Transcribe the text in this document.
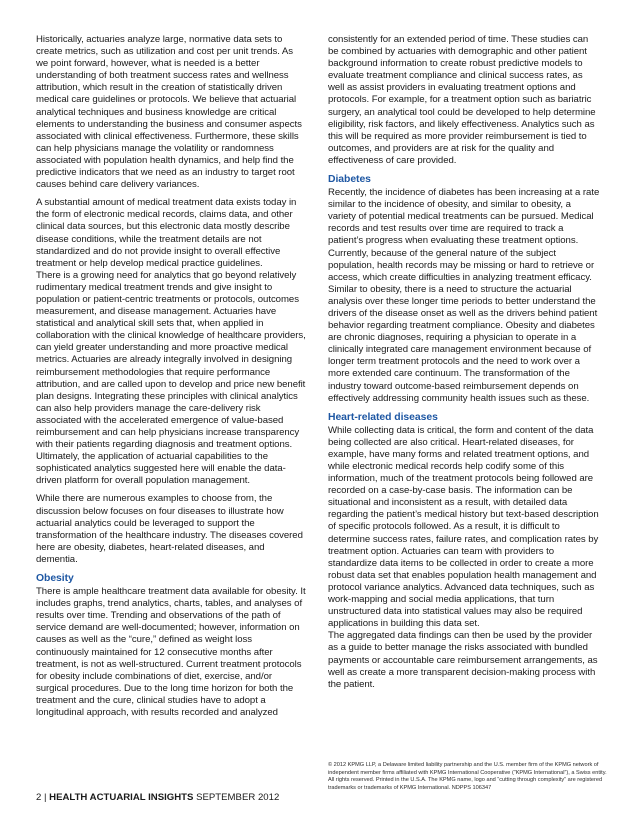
Historically, actuaries analyze large, normative data sets to create metrics, such as utilization and cost per unit trends. As we point forward, however, what is needed is a better understanding of both treatment success rates and wellness attribution, which result in the creation of statistically driven medical care guidelines or protocols. We believe that actuarial analytical techniques and business knowledge are critical elements to understanding the business and consumer aspects associated with clinical effectiveness. Furthermore, these skills can help physicians manage the volatility or randomness associated with population health dynamics, and help find the predictive indicators that we need as an industry to target root causes behind care delivery variances.

A substantial amount of medical treatment data exists today in the form of electronic medical records, claims data, and other clinical data sources, but this electronic data mostly describe disease conditions, while the treatment details are not standardized and do not provide insight to overall effective treatment or help develop medical practice guidelines.

There is a growing need for analytics that go beyond relatively rudimentary medical treatment trends and give insight to population or patient-centric treatments or protocols, outcomes measurement, and disease management. Actuaries have statistical and analytical skill sets that, when applied in collaboration with the clinical knowledge of healthcare providers, can yield greater understanding and more proactive medical metrics. Actuaries are already integrally involved in designing reimbursement methodologies that require performance attribution, and are called upon to develop and price new benefit plan designs. Integrating these principles with clinical analytics can also help providers manage the care-delivery risk associated with the accelerated emergence of value-based reimbursement and can help physicians increase transparency with their patients regarding diagnosis and treatment options. Ultimately, the application of actuarial capabilities to the sophisticated analytics suggested here will enable the data-driven platform for overall population management.

While there are numerous examples to choose from, the discussion below focuses on four diseases to illustrate how actuarial analytics could be leveraged to support the transformation of the healthcare industry. The diseases covered here are obesity, diabetes, heart-related diseases, and dementia.

Obesity

There is ample healthcare treatment data available for obesity. It includes graphs, trend analytics, charts, tables, and analyses of results over time. Trending and observations of the path of service demand are well-documented; however, information on causes as well as the “cure,” defined as weight loss continuously maintained for 12 consecutive months after treatment, is not as well-structured. Current treatment protocols for obesity include combinations of diet, exercise, and/or surgical procedures. Due to the long time horizon for both the treatment and the cure, clinical studies have to adopt a longitudinal approach, with results recorded and analyzed

consistently for an extended period of time. These studies can be combined by actuaries with demographic and other patient background information to create robust predictive models to evaluate treatment compliance and clinical success rates, as well as assist providers in evaluating treatment options and protocols. For example, for a treatment option such as bariatric surgery, an analytical tool could be developed to help determine eligibility, risk factors, and likely effectiveness. Analytics such as this will be required as more provider reimbursement is tied to outcomes, and providers are at risk for the quality and effectiveness of care provided.

Diabetes

Recently, the incidence of diabetes has been increasing at a rate similar to the incidence of obesity, and similar to obesity, a variety of potential medical treatments can be pursued. Medical records and test results over time are required to track a patient’s progress when evaluating these treatment options. Currently, because of the general nature of the subject population, health records may be missing or hard to retrieve or access, which create difficulties in analyzing treatment efficacy. Similar to obesity, there is a need to structure the actuarial analysis over these longer time periods to better understand the drivers of the disease onset as well as the drivers behind patient behavior regarding treatment compliance. Obesity and diabetes are chronic diagnoses, requiring a physician to operate in a clinically integrated care management environment because of longer term treatment protocols and the need to work over a more extended care continuum. The transformation of the industry toward outcome-based reimbursement depends on effectively addressing community health issues such as these.

Heart-related diseases

While collecting data is critical, the form and content of the data being collected are also critical. Heart-related diseases, for example, have many forms and related treatment options, and while electronic medical records help codify some of this information, much of the treatment protocols being followed are recorded on a case-by-case basis. The information can be situational and inconsistent as a result, with detailed data regarding the patient’s medical history but text-based description of specific protocols followed. As a result, it is difficult to determine success rates, failure rates, and complication rates by treatment option. Actuaries can team with providers to standardize data items to be collected in order to create a more robust data set that enables population health management and protocol variance analytics. Advanced data techniques, such as work-mapping and social media applications, that turn unstructured data into statistical values may also be required applications in building this data set.

The aggregated data findings can then be used by the provider as a guide to better manage the risks associated with bundled payments or accountable care reimbursement arrangements, as well as create a more transparent decision-making process with the patient.

© 2012 KPMG LLP, a Delaware limited liability partnership and the U.S. member firm of the KPMG network of independent member firms affiliated with KPMG International Cooperative (“KPMG International”), a Swiss entity. All rights reserved. Printed in the U.S.A. The KPMG name, logo and “cutting through complexity” are registered trademarks or trademarks of KPMG International. NDPPS 106347
2 | HEALTH ACTUARIAL INSIGHTS SEPTEMBER 2012
